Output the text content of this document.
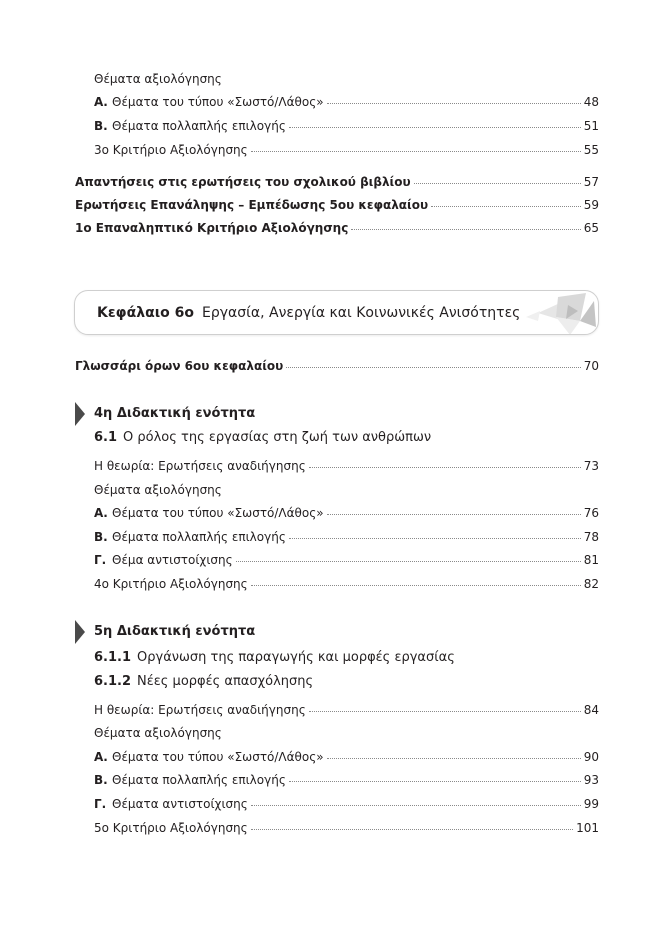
Θέματα αξιολόγησης
Α. Θέματα του τύπου «Σωστό/Λάθος»	48
Β. Θέματα πολλαπλής επιλογής	51
3ο Κριτήριο Αξιολόγησης	55
Απαντήσεις στις ερωτήσεις του σχολικού βιβλίου	57
Ερωτήσεις Επανάληψης – Εμπέδωσης 5ου κεφαλαίου	59
1ο Επαναληπτικό Κριτήριο Αξιολόγησης	65
Κεφάλαιο 6ο Εργασία, Ανεργία και Κοινωνικές Ανισότητες
Γλωσσάρι όρων 6ου κεφαλαίου	70
4η Διδακτική ενότητα
6.1 Ο ρόλος της εργασίας στη ζωή των ανθρώπων
Η θεωρία: Ερωτήσεις αναδιήγησης	73
Θέματα αξιολόγησης
Α. Θέματα του τύπου «Σωστό/Λάθος»	76
Β. Θέματα πολλαπλής επιλογής	78
Γ. Θέμα αντιστοίχισης	81
4ο Κριτήριο Αξιολόγησης	82
5η Διδακτική ενότητα
6.1.1 Οργάνωση της παραγωγής και μορφές εργασίας
6.1.2 Νέες μορφές απασχόλησης
Η θεωρία: Ερωτήσεις αναδιήγησης	84
Θέματα αξιολόγησης
Α. Θέματα του τύπου «Σωστό/Λάθος»	90
Β. Θέματα πολλαπλής επιλογής	93
Γ. Θέματα αντιστοίχισης	99
5ο Κριτήριο Αξιολόγησης	101
